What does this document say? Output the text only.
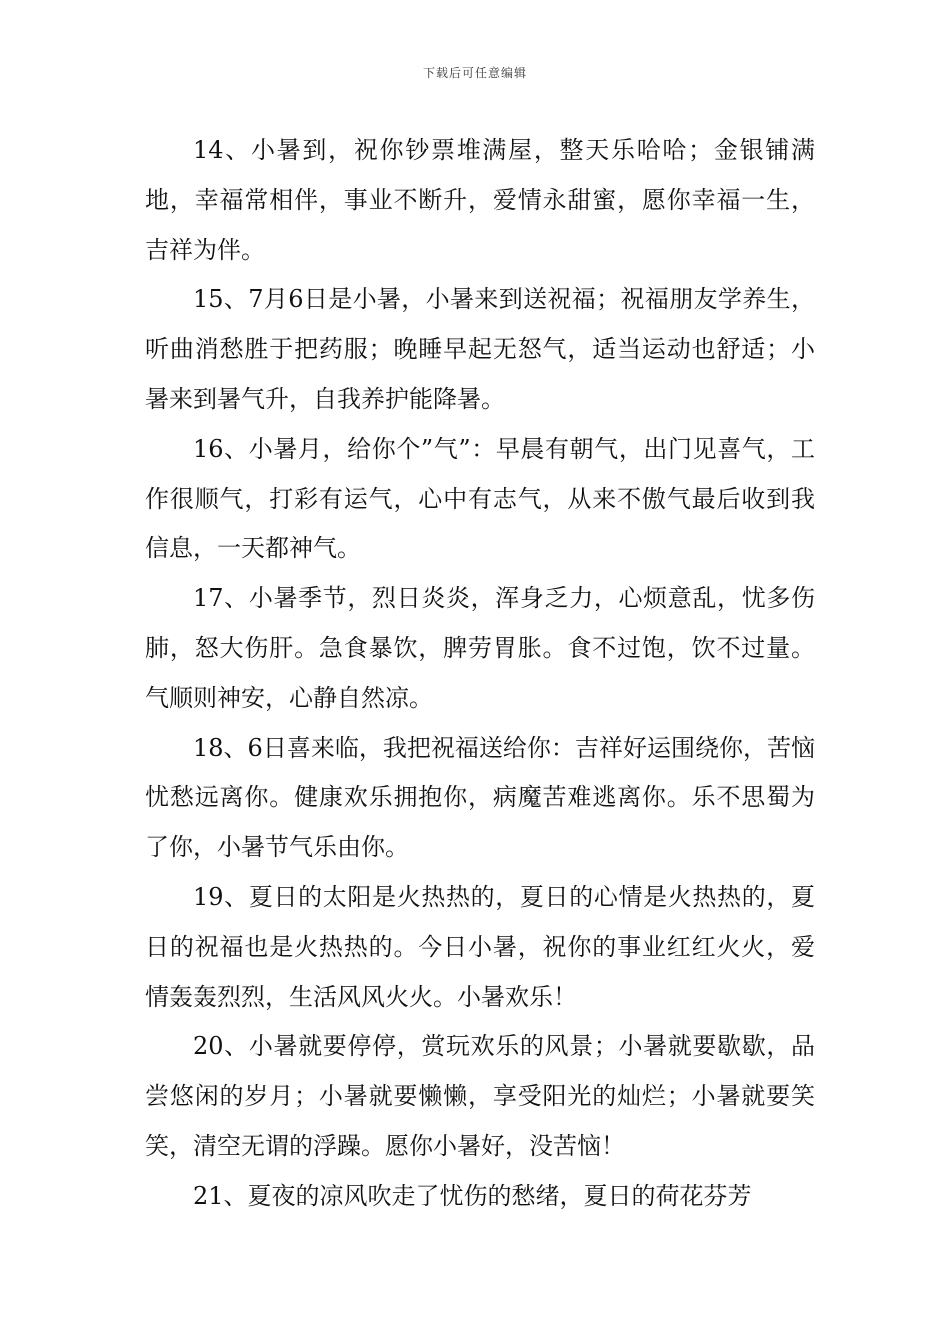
下载后可任意编辑

14、小暑到，祝你钞票堆满屋，整天乐哈哈；金银铺满地，幸福常相伴，事业不断升，爱情永甜蜜，愿你幸福一生，吉祥为伴。

15、7月6日是小暑，小暑来到送祝福；祝福朋友学养生，听曲消愁胜于把药服；晚睡早起无怒气，适当运动也舒适；小暑来到暑气升，自我养护能降暑。

16、小暑月，给你个”气”：早晨有朝气，出门见喜气，工作很顺气，打彩有运气，心中有志气，从来不傲气最后收到我信息，一天都神气。

17、小暑季节，烈日炎炎，浑身乏力，心烦意乱，忧多伤肺，怒大伤肝。急食暴饮，脾劳胃胀。食不过饱，饮不过量。气顺则神安，心静自然凉。

18、6日喜来临，我把祝福送给你：吉祥好运围绕你，苦恼忧愁远离你。健康欢乐拥抱你，病魔苦难逃离你。乐不思蜀为了你，小暑节气乐由你。

19、夏日的太阳是火热热的，夏日的心情是火热热的，夏日的祝福也是火热热的。今日小暑，祝你的事业红红火火，爱情轰轰烈烈，生活风风火火。小暑欢乐！

20、小暑就要停停，赏玩欢乐的风景；小暑就要歇歇，品尝悠闲的岁月；小暑就要懒懒，享受阳光的灿烂；小暑就要笑笑，清空无谓的浮躁。愿你小暑好，没苦恼！

21、夏夜的凉风吹走了忧伤的愁绪，夏日的荷花芬芳
